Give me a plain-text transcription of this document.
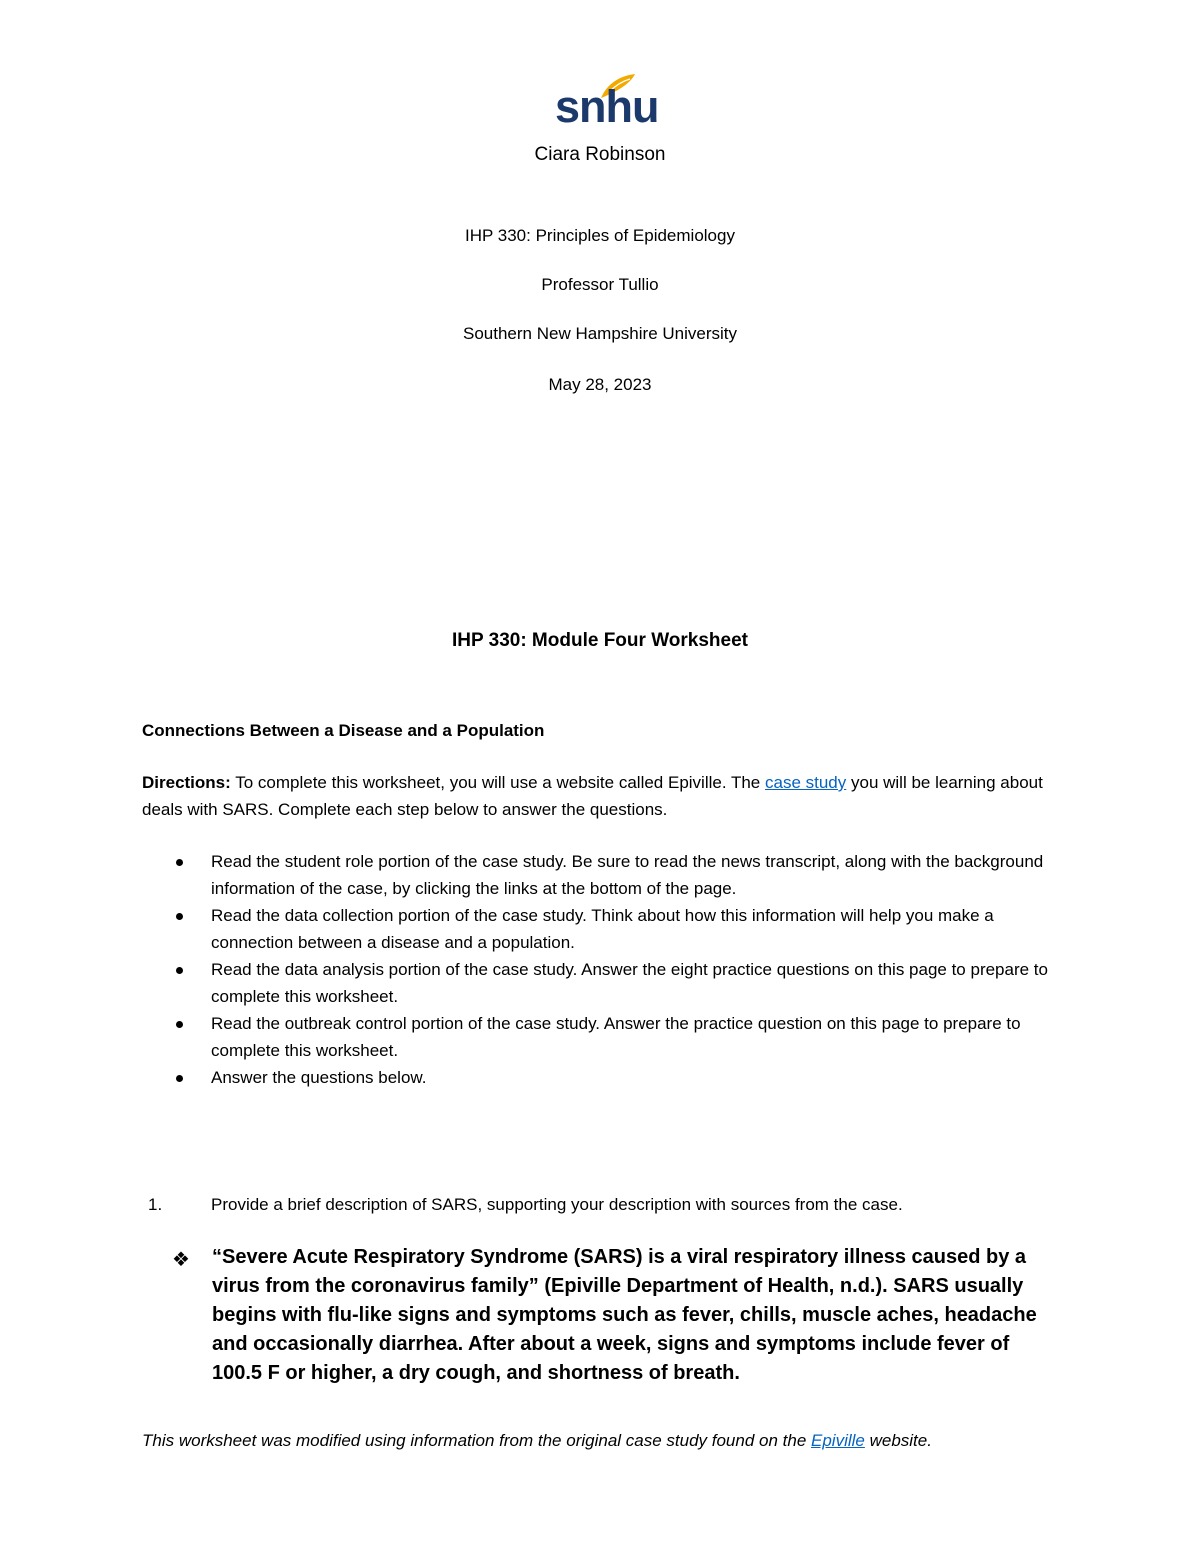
snhu
Ciara Robinson
IHP 330: Principles of Epidemiology
Professor Tullio
Southern New Hampshire University
May 28, 2023
IHP 330: Module Four Worksheet
Connections Between a Disease and a Population
Directions: To complete this worksheet, you will use a website called Epiville. The case study you will be learning about deals with SARS. Complete each step below to answer the questions.
Read the student role portion of the case study. Be sure to read the news transcript, along with the background information of the case, by clicking the links at the bottom of the page.
Read the data collection portion of the case study. Think about how this information will help you make a connection between a disease and a population.
Read the data analysis portion of the case study. Answer the eight practice questions on this page to prepare to complete this worksheet.
Read the outbreak control portion of the case study. Answer the practice question on this page to prepare to complete this worksheet.
Answer the questions below.
1.	Provide a brief description of SARS, supporting your description with sources from the case.
❖ “Severe Acute Respiratory Syndrome (SARS) is a viral respiratory illness caused by a virus from the coronavirus family” (Epiville Department of Health, n.d.). SARS usually begins with flu-like signs and symptoms such as fever, chills, muscle aches, headache and occasionally diarrhea. After about a week, signs and symptoms include fever of 100.5 F or higher, a dry cough, and shortness of breath.
This worksheet was modified using information from the original case study found on the Epiville website.
